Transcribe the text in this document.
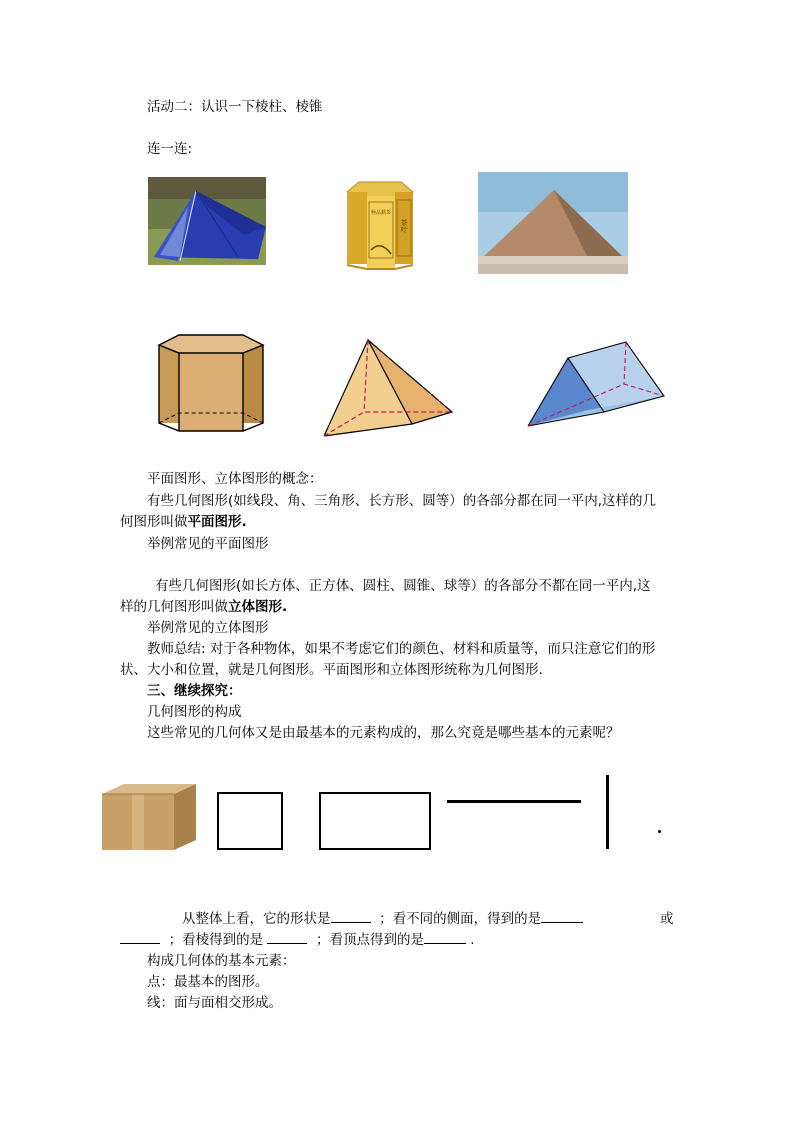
活动二：认识一下棱柱、棱锥
连一连:
極品銘茶
茶叶
平面图形、立体图形的概念：
有些几何图形(如线段、角、三角形、长方形、圆等）的各部分都在同一平内,这样的几
何图形叫做平面图形.
举例常见的平面图形
有些几何图形(如长方体、正方体、圆柱、圆锥、球等）的各部分不都在同一平内,这
样的几何图形叫做立体图形.
举例常见的立体图形
教师总结: 对于各种物体，如果不考虑它们的颜色、材料和质量等，而只注意它们的形
状、大小和位置，就是几何图形。平面图形和立体图形统称为几何图形.
三、继续探究：
几何图形的构成
这些常见的几何体又是由最基本的元素构成的，那么究竟是哪些基本的元素呢？
从整体上看，它的形状是	；看不同的侧面，得到的是	或
；看棱得到的是	；看顶点得到的是	.
构成几何体的基本元素：
点：最基本的图形。
线：面与面相交形成。
